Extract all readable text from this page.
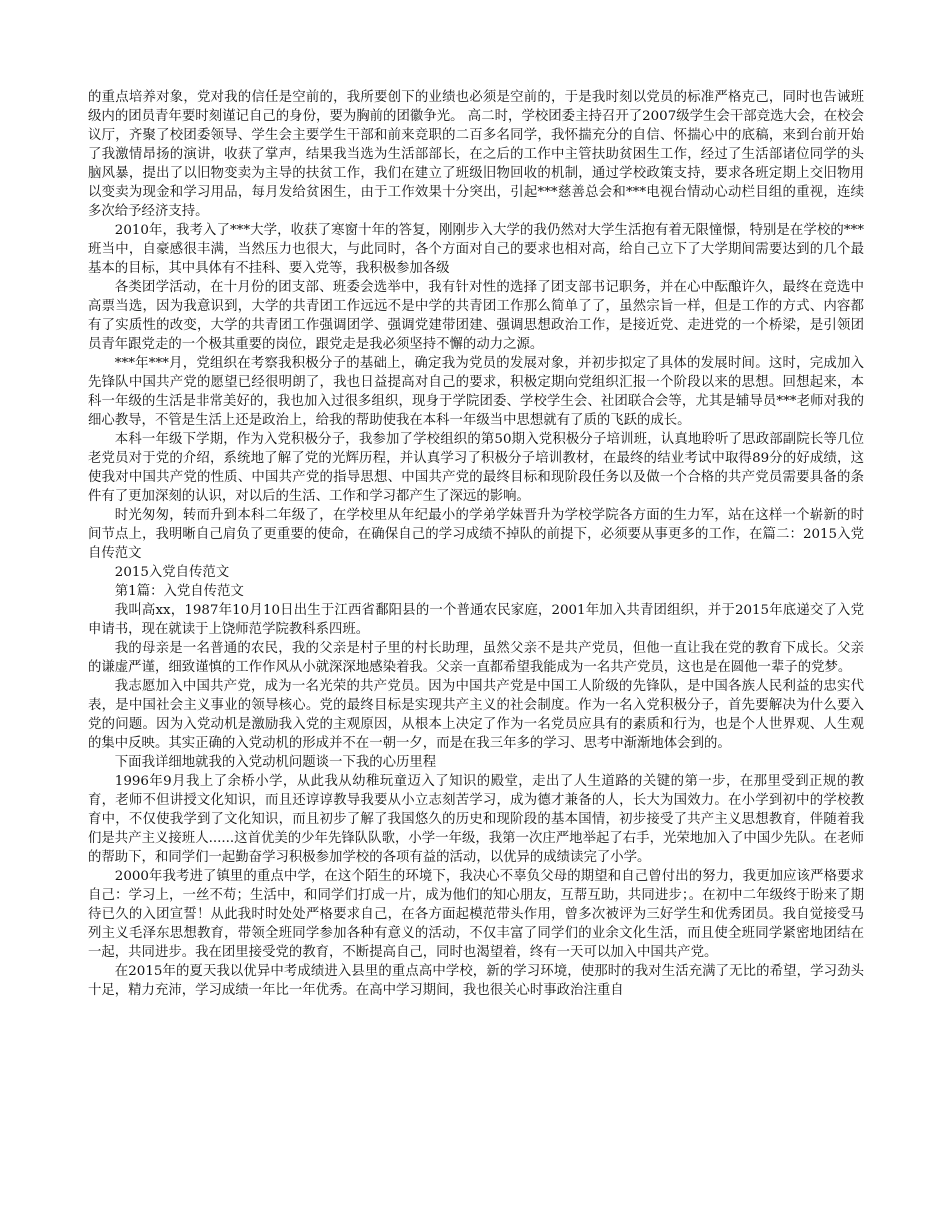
的重点培养对象，党对我的信任是空前的，我所要创下的业绩也必须是空前的，于是我时刻以党员的标准严格克己，同时也告诫班级内的团员青年要时刻谨记自己的身份，要为胸前的团徽争光。 高二时，学校团委主持召开了2007级学生会干部竞选大会，在校会议厅，齐聚了校团委领导、学生会主要学生干部和前来竞职的二百多名同学，我怀揣充分的自信、怀揣心中的底稿，来到台前开始了我激情昂扬的演讲，收获了掌声，结果我当选为生活部部长，在之后的工作中主管扶助贫困生工作，经过了生活部诸位同学的头脑风暴，提出了以旧物变卖为主导的扶贫工作，我们在建立了班级旧物回收的机制，通过学校政策支持，要求各班定期上交旧物用以变卖为现金和学习用品，每月发给贫困生，由于工作效果十分突出，引起***慈善总会和***电视台情动心动栏目组的重视，连续多次给予经济支持。

2010年，我考入了***大学，收获了寒窗十年的答复，刚刚步入大学的我仍然对大学生活抱有着无限憧憬，特别是在学校的***班当中，自豪感很丰满，当然压力也很大，与此同时，各个方面对自己的要求也相对高，给自己立下了大学期间需要达到的几个最基本的目标，其中具体有不挂科、要入党等，我积极参加各级

各类团学活动，在十月份的团支部、班委会选举中，我有针对性的选择了团支部书记职务，并在心中酝酿许久，最终在竞选中高票当选，因为我意识到，大学的共青团工作远远不是中学的共青团工作那么简单了了，虽然宗旨一样，但是工作的方式、内容都有了实质性的改变，大学的共青团工作强调团学、强调党建带团建、强调思想政治工作，是接近党、走进党的一个桥梁，是引领团员青年跟党走的一个极其重要的岗位，跟党走是我必须坚持不懈的动力之源。

***年***月，党组织在考察我积极分子的基础上，确定我为党员的发展对象，并初步拟定了具体的发展时间。这时，完成加入先锋队中国共产党的愿望已经很明朗了，我也日益提高对自己的要求，积极定期向党组织汇报一个阶段以来的思想。回想起来，本科一年级的生活是非常美好的，我也加入过很多组织，现身于学院团委、学校学生会、社团联合会等，尤其是辅导员***老师对我的细心教导，不管是生活上还是政治上，给我的帮助使我在本科一年级当中思想就有了质的飞跃的成长。

本科一年级下学期，作为入党积极分子，我参加了学校组织的第50期入党积极分子培训班，认真地聆听了思政部副院长等几位老党员对于党的介绍，系统地了解了党的光辉历程，并认真学习了积极分子培训教材，在最终的结业考试中取得89分的好成绩，这使我对中国共产党的性质、中国共产党的指导思想、中国共产党的最终目标和现阶段任务以及做一个合格的共产党员需要具备的条件有了更加深刻的认识，对以后的生活、工作和学习都产生了深远的影响。

时光匆匆，转而升到本科二年级了，在学校里从年纪最小的学弟学妹晋升为学校学院各方面的生力军，站在这样一个崭新的时间节点上，我明晰自己肩负了更重要的使命，在确保自己的学习成绩不掉队的前提下，必须要从事更多的工作，在篇二：2015入党自传范文

2015入党自传范文

第1篇：入党自传范文

我叫高xx，1987年10月10日出生于江西省鄱阳县的一个普通农民家庭，2001年加入共青团组织，并于2015年底递交了入党申请书，现在就读于上饶师范学院教科系四班。

我的母亲是一名普通的农民，我的父亲是村子里的村长助理，虽然父亲不是共产党员，但他一直让我在党的教育下成长。父亲的谦虚严谨，细致谨慎的工作作风从小就深深地感染着我。父亲一直都希望我能成为一名共产党员，这也是在圆他一辈子的党梦。

我志愿加入中国共产党，成为一名光荣的共产党员。因为中国共产党是中国工人阶级的先锋队，是中国各族人民利益的忠实代表，是中国社会主义事业的领导核心。党的最终目标是实现共产主义的社会制度。作为一名入党积极分子，首先要解决为什么要入党的问题。因为入党动机是激励我入党的主观原因，从根本上决定了作为一名党员应具有的素质和行为，也是个人世界观、人生观的集中反映。其实正确的入党动机的形成并不在一朝一夕，而是在我三年多的学习、思考中渐渐地体会到的。

下面我详细地就我的入党动机问题谈一下我的心历里程

1996年9月我上了余桥小学，从此我从幼稚玩童迈入了知识的殿堂，走出了人生道路的关键的第一步，在那里受到正规的教育，老师不但讲授文化知识，而且还谆谆教导我要从小立志刻苦学习，成为德才兼备的人，长大为国效力。在小学到初中的学校教育中，不仅使我学到了文化知识，而且初步了解了我国悠久的历史和现阶段的基本国情，初步接受了共产主义思想教育，伴随着我们是共产主义接班人......这首优美的少年先锋队队歌，小学一年级，我第一次庄严地举起了右手，光荣地加入了中国少先队。在老师的帮助下，和同学们一起勤奋学习积极参加学校的各项有益的活动，以优异的成绩读完了小学。

2000年我考进了镇里的重点中学，在这个陌生的环境下，我决心不辜负父母的期望和自己曾付出的努力，我更加应该严格要求自己：学习上，一丝不苟；生活中，和同学们打成一片，成为他们的知心朋友，互帮互助，共同进步；。在初中二年级终于盼来了期待已久的入团宣誓！从此我时时处处严格要求自己，在各方面起模范带头作用，曾多次被评为三好学生和优秀团员。我自觉接受马列主义毛泽东思想教育，带领全班同学参加各种有意义的活动，不仅丰富了同学们的业余文化生活，而且使全班同学紧密地团结在一起，共同进步。我在团里接受党的教育，不断提高自己，同时也渴望着，终有一天可以加入中国共产党。

在2015年的夏天我以优异中考成绩进入县里的重点高中学校，新的学习环境，使那时的我对生活充满了无比的希望，学习劲头十足，精力充沛，学习成绩一年比一年优秀。在高中学习期间，我也很关心时事政治注重自
